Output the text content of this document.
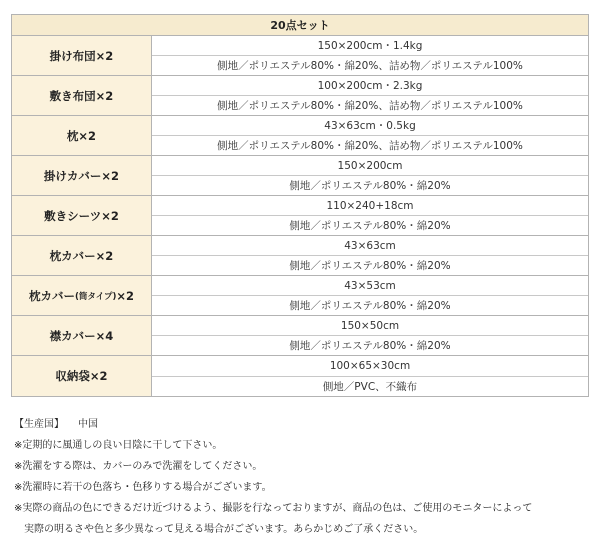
20点セット
掛け布団×2
150×200cm・1.4kg
側地／ポリエステル80%・綿20%、詰め物／ポリエステル100%
敷き布団×2
100×200cm・2.3kg
側地／ポリエステル80%・綿20%、詰め物／ポリエステル100%
枕×2
43×63cm・0.5kg
側地／ポリエステル80%・綿20%、詰め物／ポリエステル100%
掛けカバー×2
150×200cm
側地／ポリエステル80%・綿20%
敷きシーツ×2
110×240+18cm
側地／ポリエステル80%・綿20%
枕カバー×2
43×63cm
側地／ポリエステル80%・綿20%
枕カバー (筒タイプ) ×2
43×53cm
側地／ポリエステル80%・綿20%
襟カバー×4
150×50cm
側地／ポリエステル80%・綿20%
収納袋×2
100×65×30cm
側地／PVC、不織布
【生産国】 中国
※定期的に風通しの良い日陰に干して下さい。
※洗濯をする際は、カバーのみで洗濯をしてください。
※洗濯時に若干の色落ち・色移りする場合がございます。
※実際の商品の色にできるだけ近づけるよう、撮影を行なっておりますが、商品の色は、ご使用のモニターによって
実際の明るさや色と多少異なって見える場合がございます。あらかじめご了承ください。
